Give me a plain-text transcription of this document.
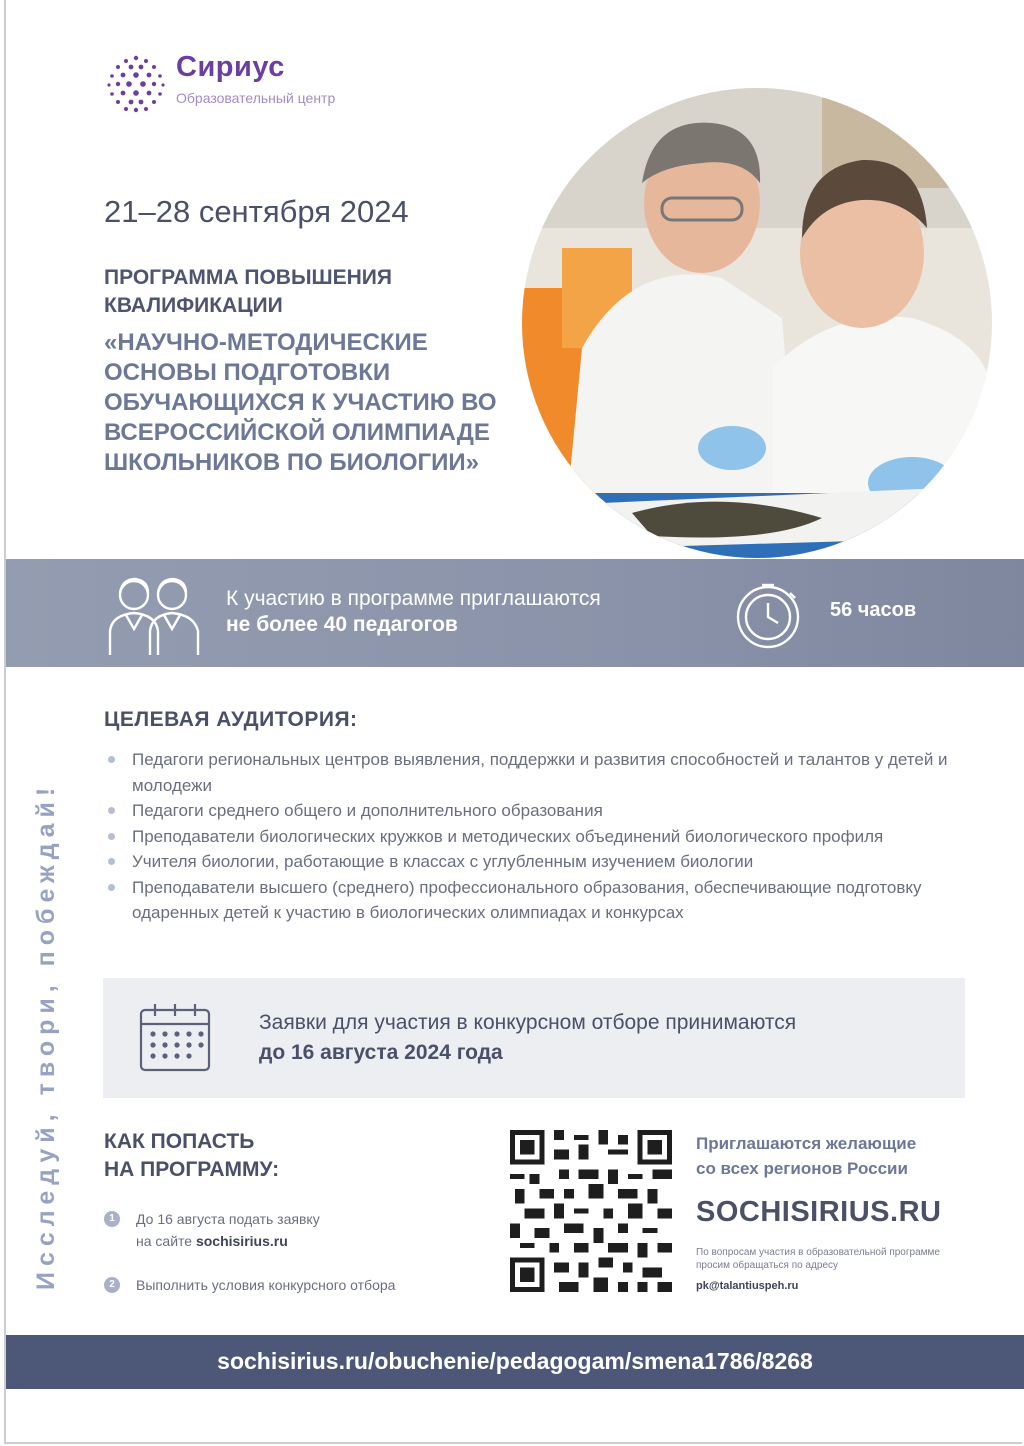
Сириус
Образовательный центр
21–28 сентября 2024
ПРОГРАММА ПОВЫШЕНИЯ КВАЛИФИКАЦИИ
«НАУЧНО-МЕТОДИЧЕСКИЕ ОСНОВЫ ПОДГОТОВКИ ОБУЧАЮЩИХСЯ К УЧАСТИЮ ВО ВСЕРОССИЙСКОЙ ОЛИМПИАДЕ ШКОЛЬНИКОВ ПО БИОЛОГИИ»
К участию в программе приглашаются
не более 40 педагогов
56 часов
Исследуй, твори, побеждай!
ЦЕЛЕВАЯ АУДИТОРИЯ:
Педагоги региональных центров выявления, поддержки и развития способностей и талантов у детей и молодежи
Педагоги среднего общего и дополнительного образования
Преподаватели биологических кружков и методических объединений биологического профиля
Учителя биологии, работающие в классах с углубленным изучением биологии
Преподаватели высшего (среднего) профессионального образования, обеспечивающие подготовку одаренных детей к участию в биологических олимпиадах и конкурсах
Заявки для участия в конкурсном отборе принимаются
до 16 августа 2024 года
КАК ПОПАСТЬ
НА ПРОГРАММУ:
1	До 16 августа подать заявку
на сайте sochisirius.ru
2	Выполнить условия конкурсного отбора
Приглашаются желающие
со всех регионов России
SOCHISIRIUS.RU
По вопросам участия в образовательной программе просим обращаться по адресу
pk@talantiuspeh.ru
sochisirius.ru/obuchenie/pedagogam/smena1786/8268
